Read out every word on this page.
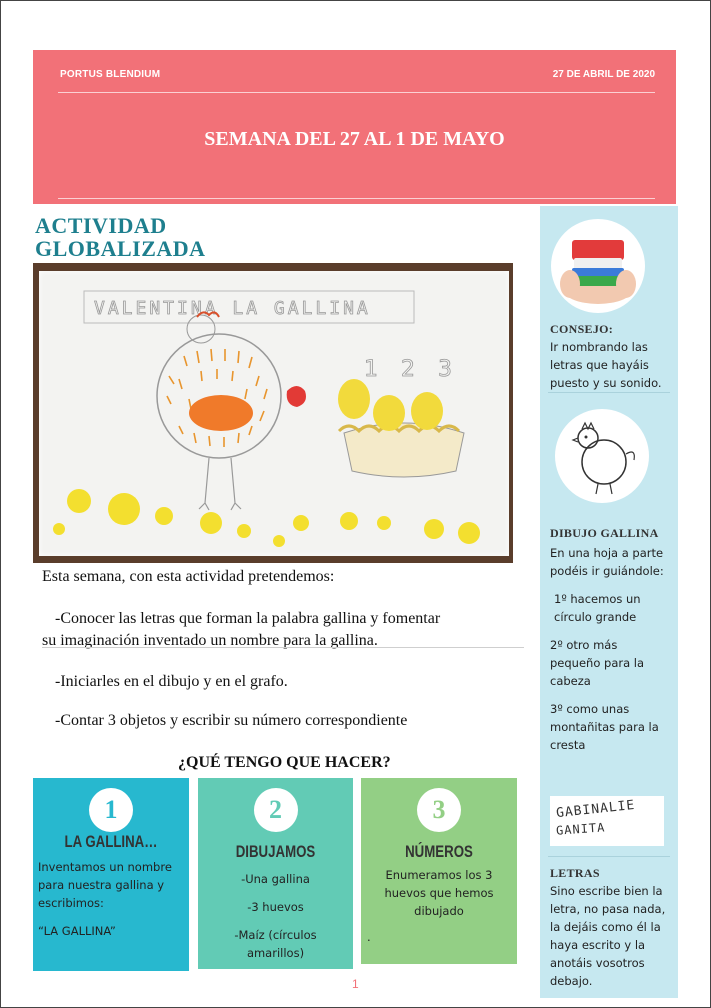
PORTUS BLENDIUM	27 DE ABRIL DE 2020
SEMANA DEL 27 AL 1 DE MAYO
ACTIVIDAD
GLOBALIZADA
VALENTINA LA GALLINA
1 2 3
Esta semana, con esta actividad pretendemos:
-Conocer las letras que forman la palabra gallina y fomentar
su imaginación inventado un nombre para la gallina.
-Iniciarles en el dibujo y en el grafo.
-Contar 3 objetos y escribir su número correspondiente
¿QUÉ TENGO QUE HACER?
1
LA GALLINA…
Inventamos un nombre para nuestra gallina y escribimos:
“LA GALLINA”
2
DIBUJAMOS
-Una gallina
-3 huevos
-Maíz (círculos amarillos)
3
NÚMEROS
Enumeramos los 3 huevos que hemos dibujado
.
CONSEJO:
Ir nombrando las letras que hayáis puesto y su sonido.
DIBUJO GALLINA
En una hoja a parte podéis ir guiándole:
1º hacemos un círculo grande
2º otro más pequeño para la cabeza
3º como unas montañitas para la cresta
GABINALIE
GANITA
LETRAS
Sino escribe bien la letra, no pasa nada, la dejáis como él la haya escrito y la anotáis vosotros debajo.
1
